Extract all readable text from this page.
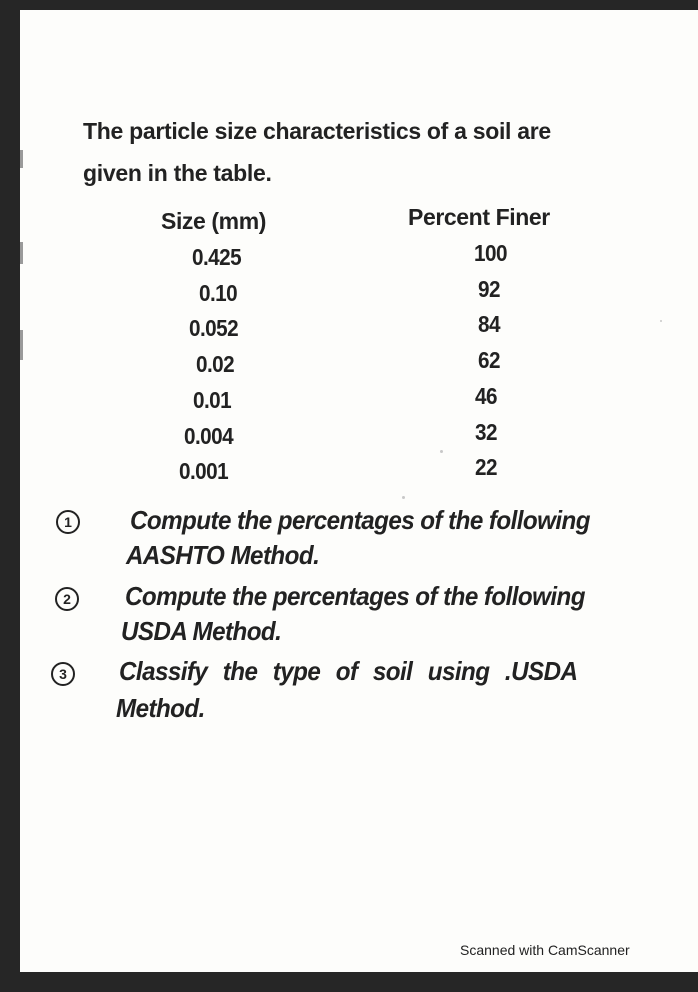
The particle size characteristics of a soil are
given in the table.
Size (mm)	Percent Finer
0.425	100
0.10	92
0.052	84
0.02	62
0.01	46
0.004	32
0.001	22
1	Compute the percentages of the following
AASHTO Method.
2	Compute the percentages of the following
USDA Method.
3	Classify the type of soil using .USDA
Method.
Scanned with CamScanner
